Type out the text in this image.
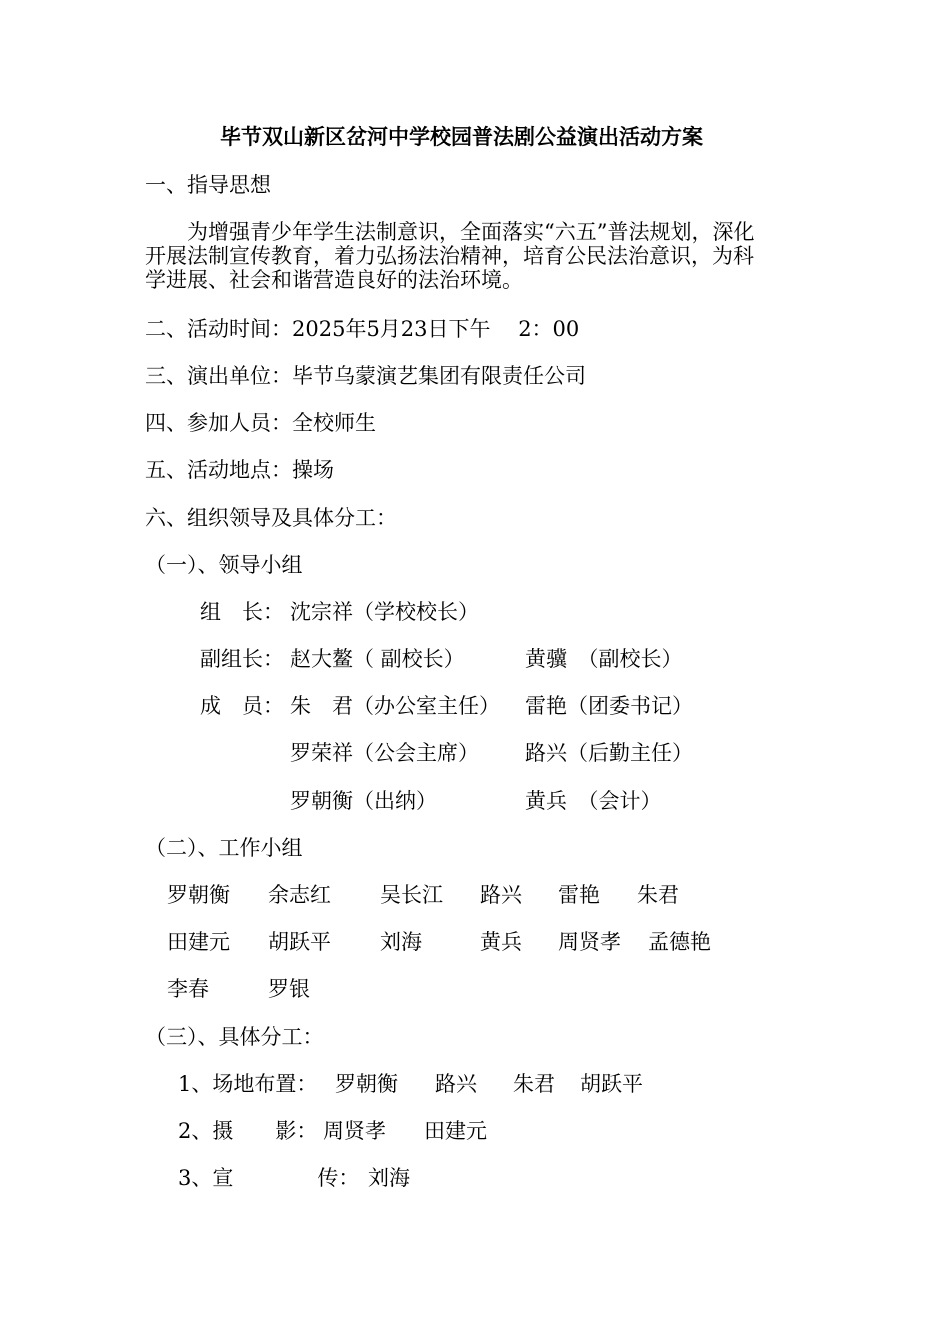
毕节双山新区岔河中学校园普法剧公益演出活动方案
一、指导思想
　　为增强青少年学生法制意识，全面落实“六五”普法规划，深化
开展法制宣传教育，着力弘扬法治精神，培育公民法治意识，为科
学进展、社会和谐营造良好的法治环境。
二、活动时间：2025年5月23日下午　 2：00
三、演出单位：毕节乌蒙演艺集团有限责任公司
四、参加人员：全校师生
五、活动地点：操场
六、组织领导及具体分工：
（一）、领导小组
组　长： 沈宗祥（学校校长）
副组长： 赵大鳌（ 副校长）	黄骥　（副校长）
成　员： 朱　君（办公室主任） 雷艳（团委书记）
罗荣祥（公会主席） 路兴（后勤主任）
罗朝衡（出纳）	黄兵　（会计）
（二）、工作小组
罗朝衡 余志红 吴长江 路兴 雷艳 朱君
田建元 胡跃平 刘海	黄兵 周贤孝 孟德艳
李春	罗银
（三）、具体分工：
1、场地布置： 罗朝衡 路兴 朱君 胡跃平
2、摄　　影： 周贤孝 田建元
3、宣　　　　传： 刘海
